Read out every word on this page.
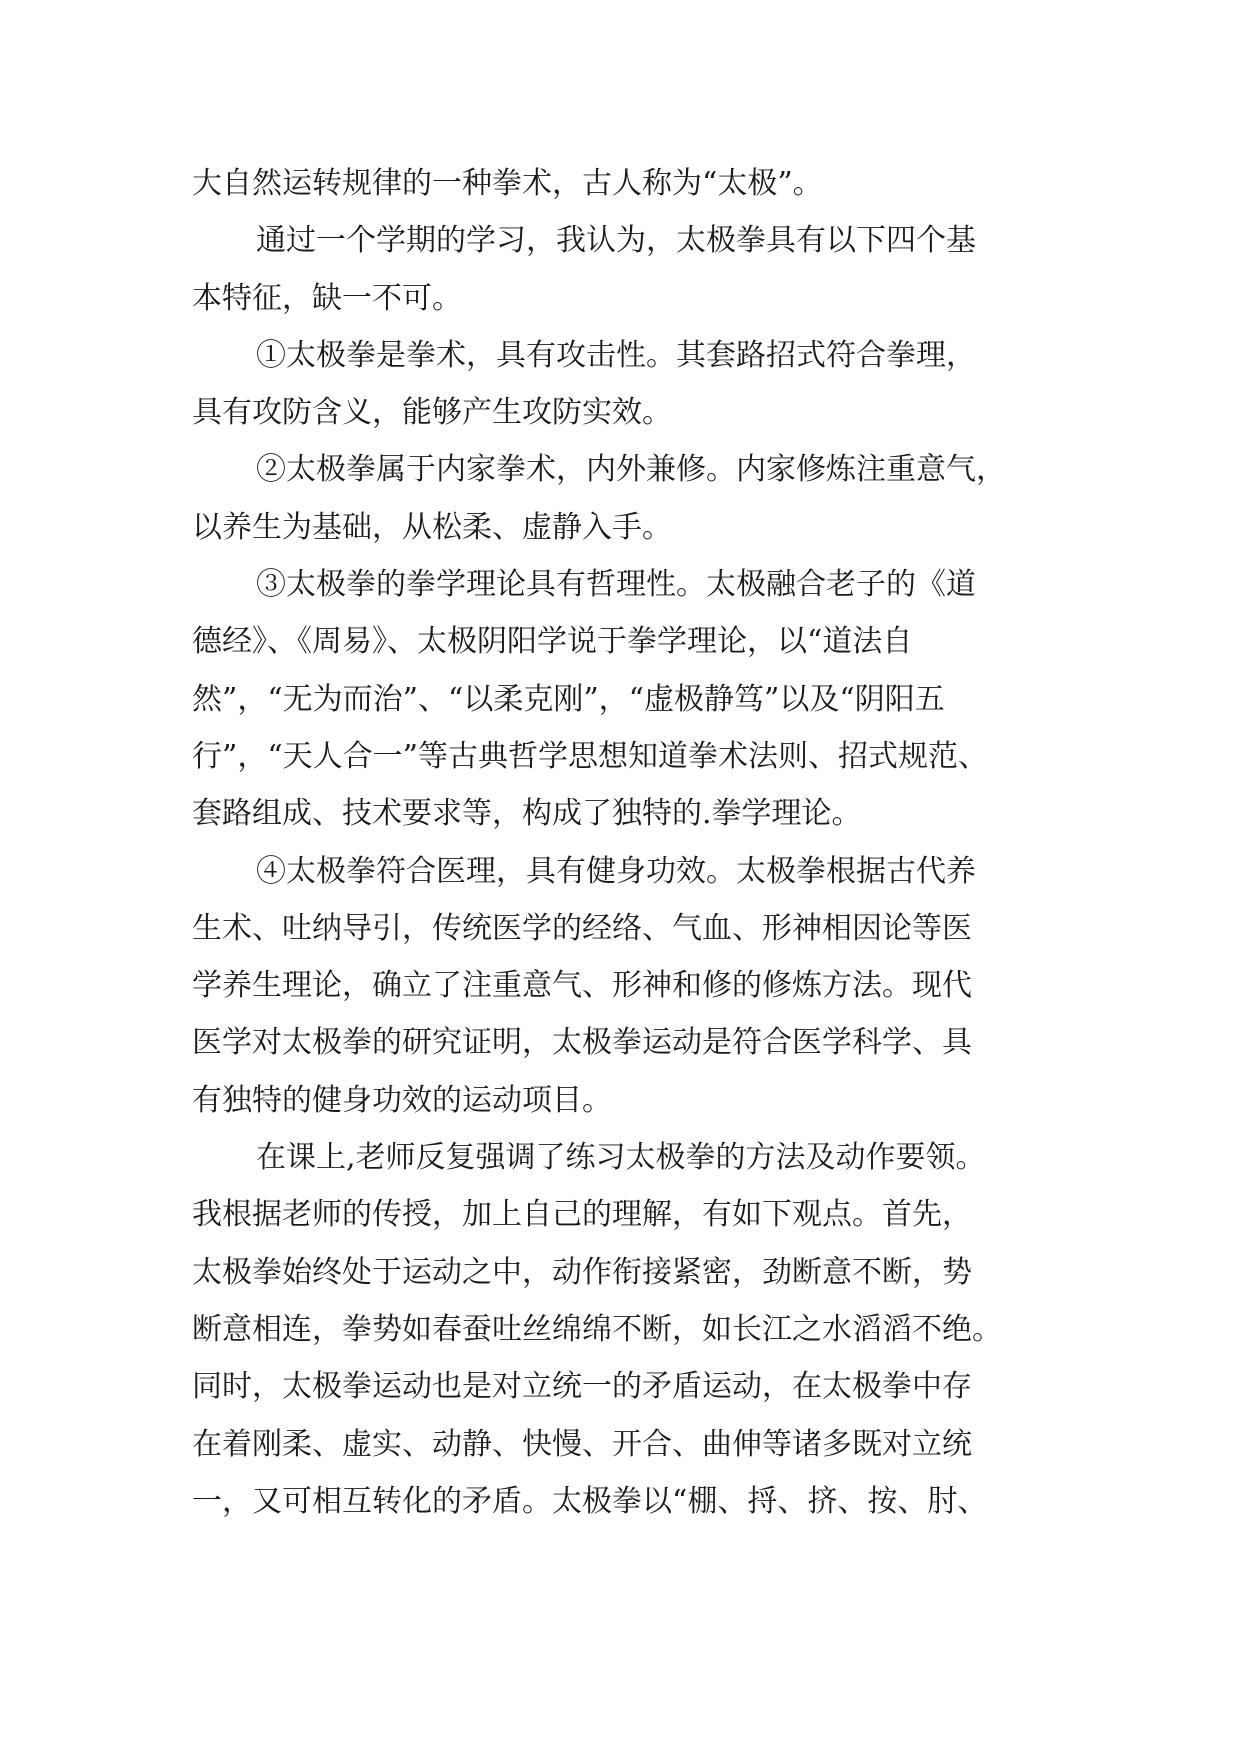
大自然运转规律的一种拳术，古人称为“太极”。
通过一个学期的学习，我认为，太极拳具有以下四个基
本特征，缺一不可。
①太极拳是拳术，具有攻击性。其套路招式符合拳理，
具有攻防含义，能够产生攻防实效。
②太极拳属于内家拳术，内外兼修。内家修炼注重意气，
以养生为基础，从松柔、虚静入手。
③太极拳的拳学理论具有哲理性。太极融合老子的《道
德经》、《周易》、太极阴阳学说于拳学理论，以“道法自
然”，“无为而治”、“以柔克刚”，“虚极静笃”以及“阴阳五
行”，“天人合一”等古典哲学思想知道拳术法则、招式规范、
套路组成、技术要求等，构成了独特的.拳学理论。
④太极拳符合医理，具有健身功效。太极拳根据古代养
生术、吐纳导引，传统医学的经络、气血、形神相因论等医
学养生理论，确立了注重意气、形神和修的修炼方法。现代
医学对太极拳的研究证明，太极拳运动是符合医学科学、具
有独特的健身功效的运动项目。
在课上,老师反复强调了练习太极拳的方法及动作要领。
我根据老师的传授，加上自己的理解，有如下观点。首先，
太极拳始终处于运动之中，动作衔接紧密，劲断意不断，势
断意相连，拳势如春蚕吐丝绵绵不断，如长江之水滔滔不绝。
同时，太极拳运动也是对立统一的矛盾运动，在太极拳中存
在着刚柔、虚实、动静、快慢、开合、曲伸等诸多既对立统
一，又可相互转化的矛盾。太极拳以“棚、捋、挤、按、肘、
